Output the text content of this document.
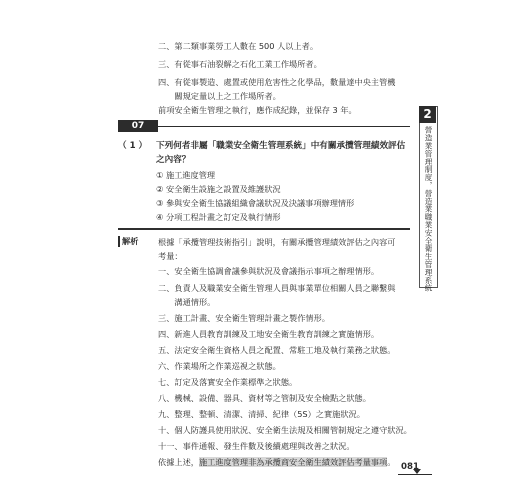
二、第二類事業勞工人數在 500 人以上者。
三、有從事石油裂解之石化工業工作場所者。
四、有從事製造、處置或使用危害性之化學品，數量達中央主管機
　　關規定量以上之工作場所者。
前項安全衛生管理之執行，應作成紀錄，並保存 3 年。
07
（ 1 ） 下列何者非屬「職業安全衛生管理系統」中有關承攬管理績效評估
之內容？
① 施工進度管理
② 安全衛生設施之設置及維護狀況
③ 參與安全衛生協議組織會議狀況及決議事項辦理情形
④ 分項工程計畫之訂定及執行情形
解析 根據「承攬管理技術指引」說明，有關承攬管理績效評估之內容可
考量：
一、安全衛生協調會議參與狀況及會議指示事項之辦理情形。
二、負責人及職業安全衛生管理人員與事業單位相關人員之聯繫與
　　溝通情形。
三、施工計畫、安全衛生管理計畫之製作情形。
四、新進人員教育訓練及工地安全衛生教育訓練之實施情形。
五、法定安全衛生資格人員之配置、常駐工地及執行業務之狀態。
六、作業場所之作業巡視之狀態。
七、訂定及落實安全作業標準之狀態。
八、機械、設備、器具、資材等之管制及安全檢點之狀態。
九、整理、整頓、清潔、清掃、紀律（5S）之實施狀況。
十、個人防護具使用狀況、安全衛生法規及相關管制規定之遵守狀況。
十一、事件通報、發生件數及後續處理與改善之狀況。
依據上述，施工進度管理非為承攬商安全衛生績效評估考量事項。
2
營造業管理制度，營造業職業安全衛生管理系統
081
